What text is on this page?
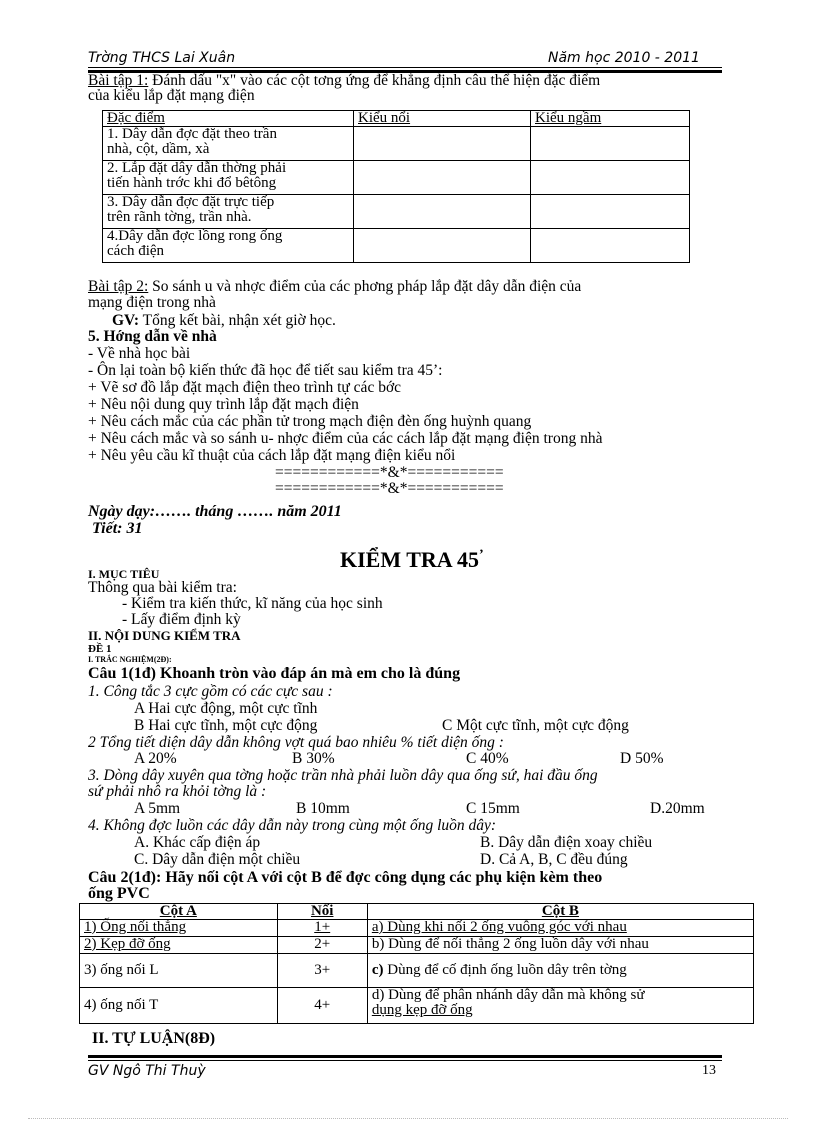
Trờng THCS Lai Xuân	Năm học 2010 - 2011
Bài tập 1: Đánh dấu "x" vào các cột tơng ứng để khẳng định câu thể hiện đặc điểm
của kiểu lắp đặt mạng điện
Đặc điểm	Kiểu nổi	Kiểu ngầm

1. Dây dẫn đợc đặt theo trần
nhà, cột, dầm, xà		

2. Lắp đặt dây dẫn thờng phải
tiến hành trớc khi đổ bêtông		

3. Dây dẫn đợc đặt trực tiếp
trên rãnh tờng, trần nhà.		

4.Dây dẫn đợc lồng rong ống
cách điện		

Bài tập 2: So sánh u và nhợc điểm của các phơng pháp lắp đặt dây dẫn điện của
mạng điện trong nhà
GV: Tổng kết bài, nhận xét giờ học.
5. Hớng dẫn về nhà
- Về nhà học bài
- Ôn lại toàn bộ kiến thức đã học để tiết sau kiểm tra 45’:
+ Vẽ sơ đồ lắp đặt mạch điện theo trình tự các bớc
+ Nêu nội dung quy trình lắp đặt mạch điện
+ Nêu cách mắc của các phần tử trong mạch điện đèn ống huỳnh quang
+ Nêu cách mắc và so sánh u- nhợc điểm của các cách lắp đặt mạng điện trong nhà
+ Nêu yêu cầu kĩ thuật của cách lắp đặt mạng điện kiểu nổi
============*&*===========
============*&*===========
Ngày dạy:……. tháng ……. năm 2011
Tiết: 31
KIỂM TRA 45’
I. MỤC TIÊU
Thông qua bài kiểm tra:
- Kiểm tra kiến thức, kĩ năng của học sinh
- Lấy điểm định kỳ
II. NỘI DUNG KIỂM TRA
ĐỀ 1
I. TRẮC NGHIỆM(2Đ):
Câu 1(1đ) Khoanh tròn vào đáp án mà em cho là đúng
1. Công tắc 3 cực gồm có các cực sau :
A Hai cực động, một cực tĩnh
B Hai cực tĩnh, một cực động	C Một cực tĩnh, một cực động
2 Tổng tiết diện dây dẫn không vợt quá bao nhiêu % tiết diện ống :
A 20%	B 30%	C 40%	D 50%
3. Dòng dây xuyên qua tờng hoặc trần nhà phải luồn dây qua ống sứ, hai đầu ống
sứ phải nhô ra khỏi tờng là :
A 5mm	B 10mm	C 15mm	D.20mm
4. Không đợc luồn các dây dẫn này trong cùng một ống luồn dây:
A. Khác cấp điện áp	B. Dây dẫn điện xoay chiều
C. Dây dẫn điện một chiều	D. Cả A, B, C đều đúng
Câu 2(1đ): Hãy nối cột A với cột B để đợc công dụng các phụ kiện kèm theo
ống PVC
Cột A	Nối	Cột B
1) Ống nối thẳng	1+	a) Dùng khi nối 2 ống vuông góc với nhau
2) Kẹp đỡ ống	2+	b) Dùng để nối thẳng 2 ống luồn dây với nhau
3) ống nối L	3+	c) Dùng để cố định ống luồn dây trên tờng
4) ống nối T	4+	d) Dùng để phân nhánh dây dẫn mà không sử
dụng kẹp đỡ ống
II. TỰ LUẬN(8Đ)
GV Ngô Thi Thuỳ	13
